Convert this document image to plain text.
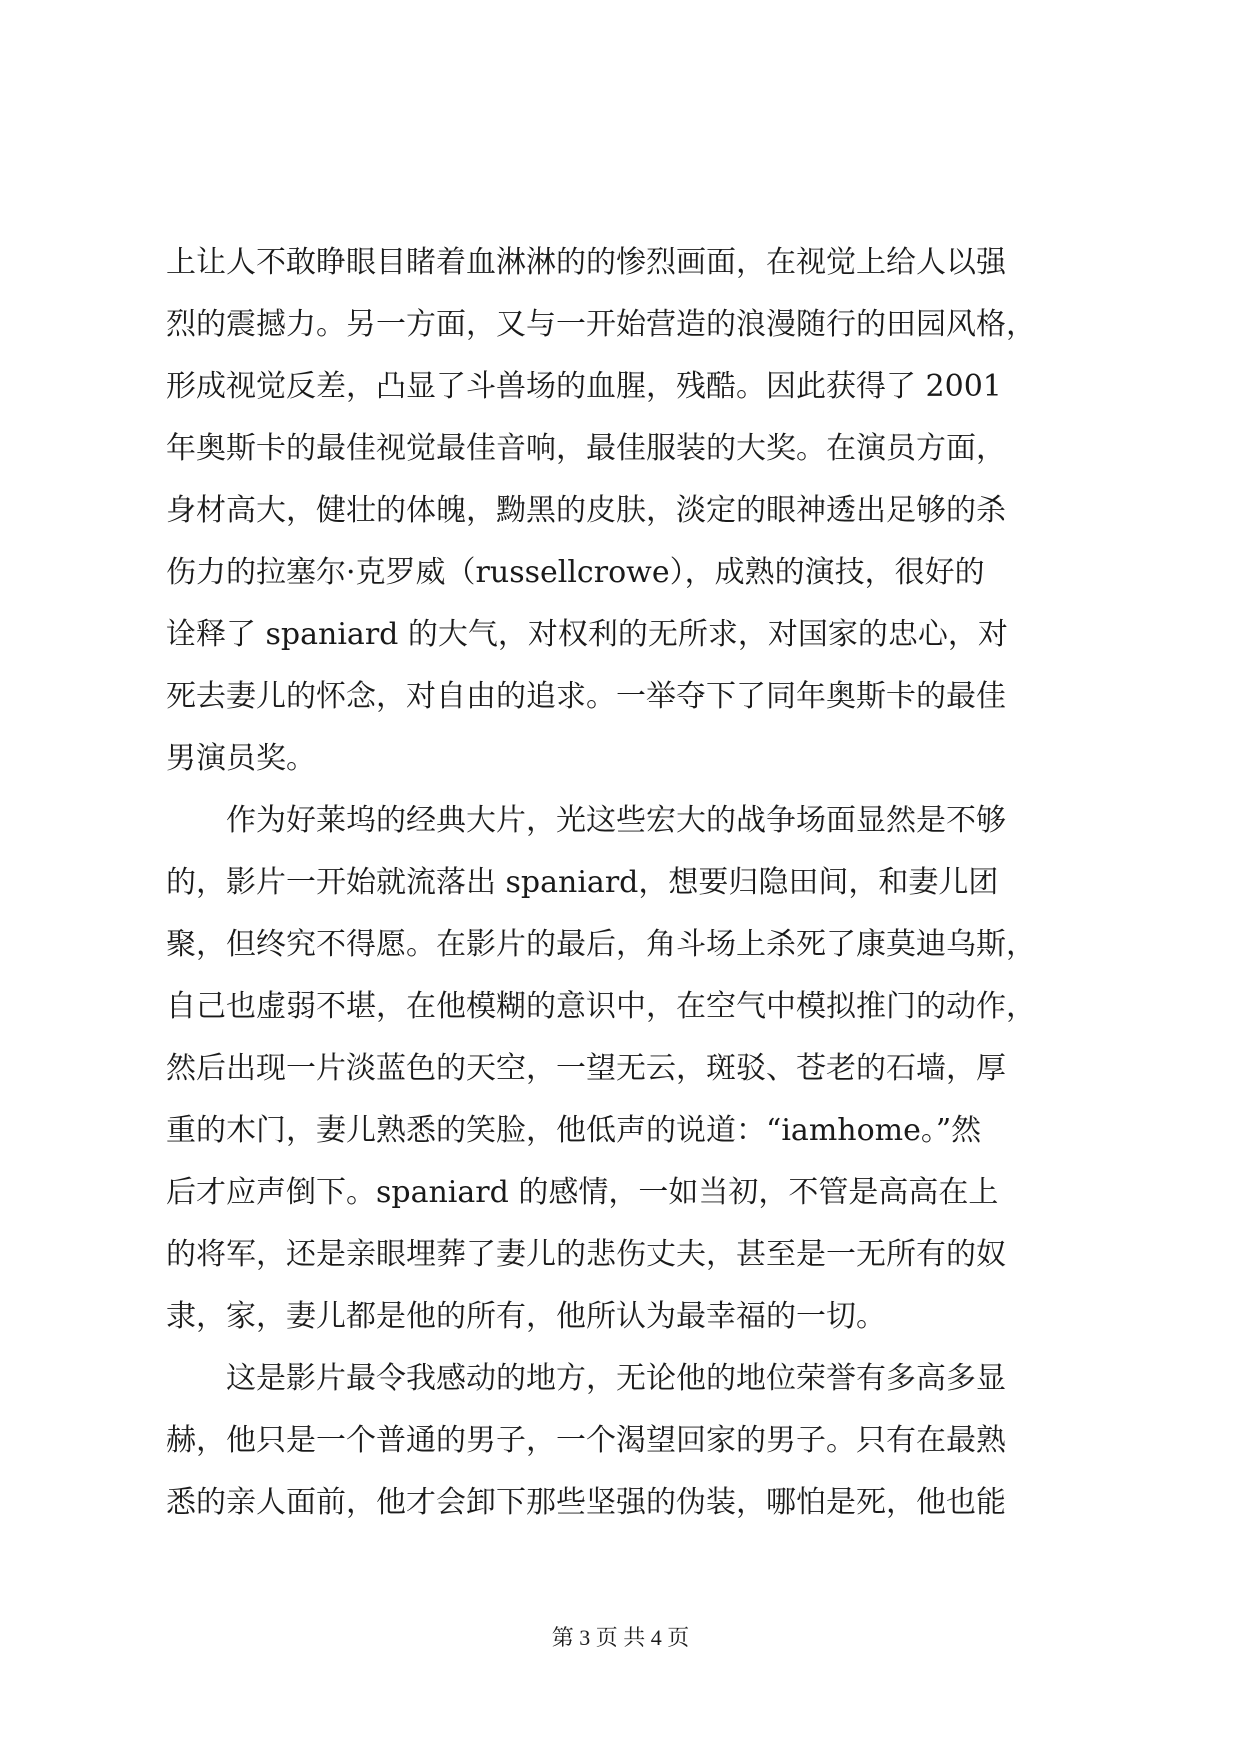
上让人不敢睁眼目睹着血淋淋的的惨烈画面，在视觉上给人以强
烈的震撼力。另一方面，又与一开始营造的浪漫随行的田园风格，
形成视觉反差，凸显了斗兽场的血腥，残酷。因此获得了 2001
年奥斯卡的最佳视觉最佳音响，最佳服装的大奖。在演员方面，
身材高大，健壮的体魄，黝黑的皮肤，淡定的眼神透出足够的杀
伤力的拉塞尔·克罗威（russellcrowe），成熟的演技，很好的
诠释了 spaniard 的大气，对权利的无所求，对国家的忠心，对
死去妻儿的怀念，对自由的追求。一举夺下了同年奥斯卡的最佳
男演员奖。
　　作为好莱坞的经典大片，光这些宏大的战争场面显然是不够
的，影片一开始就流落出 spaniard，想要归隐田间，和妻儿团
聚，但终究不得愿。在影片的最后，角斗场上杀死了康莫迪乌斯，
自己也虚弱不堪，在他模糊的意识中，在空气中模拟推门的动作，
然后出现一片淡蓝色的天空，一望无云，斑驳、苍老的石墙，厚
重的木门，妻儿熟悉的笑脸，他低声的说道：“iamhome。”然
后才应声倒下。spaniard 的感情，一如当初，不管是高高在上
的将军，还是亲眼埋葬了妻儿的悲伤丈夫，甚至是一无所有的奴
隶，家，妻儿都是他的所有，他所认为最幸福的一切。
　　这是影片最令我感动的地方，无论他的地位荣誉有多高多显
赫，他只是一个普通的男子，一个渴望回家的男子。只有在最熟
悉的亲人面前，他才会卸下那些坚强的伪装，哪怕是死，他也能
第 3 页 共 4 页
